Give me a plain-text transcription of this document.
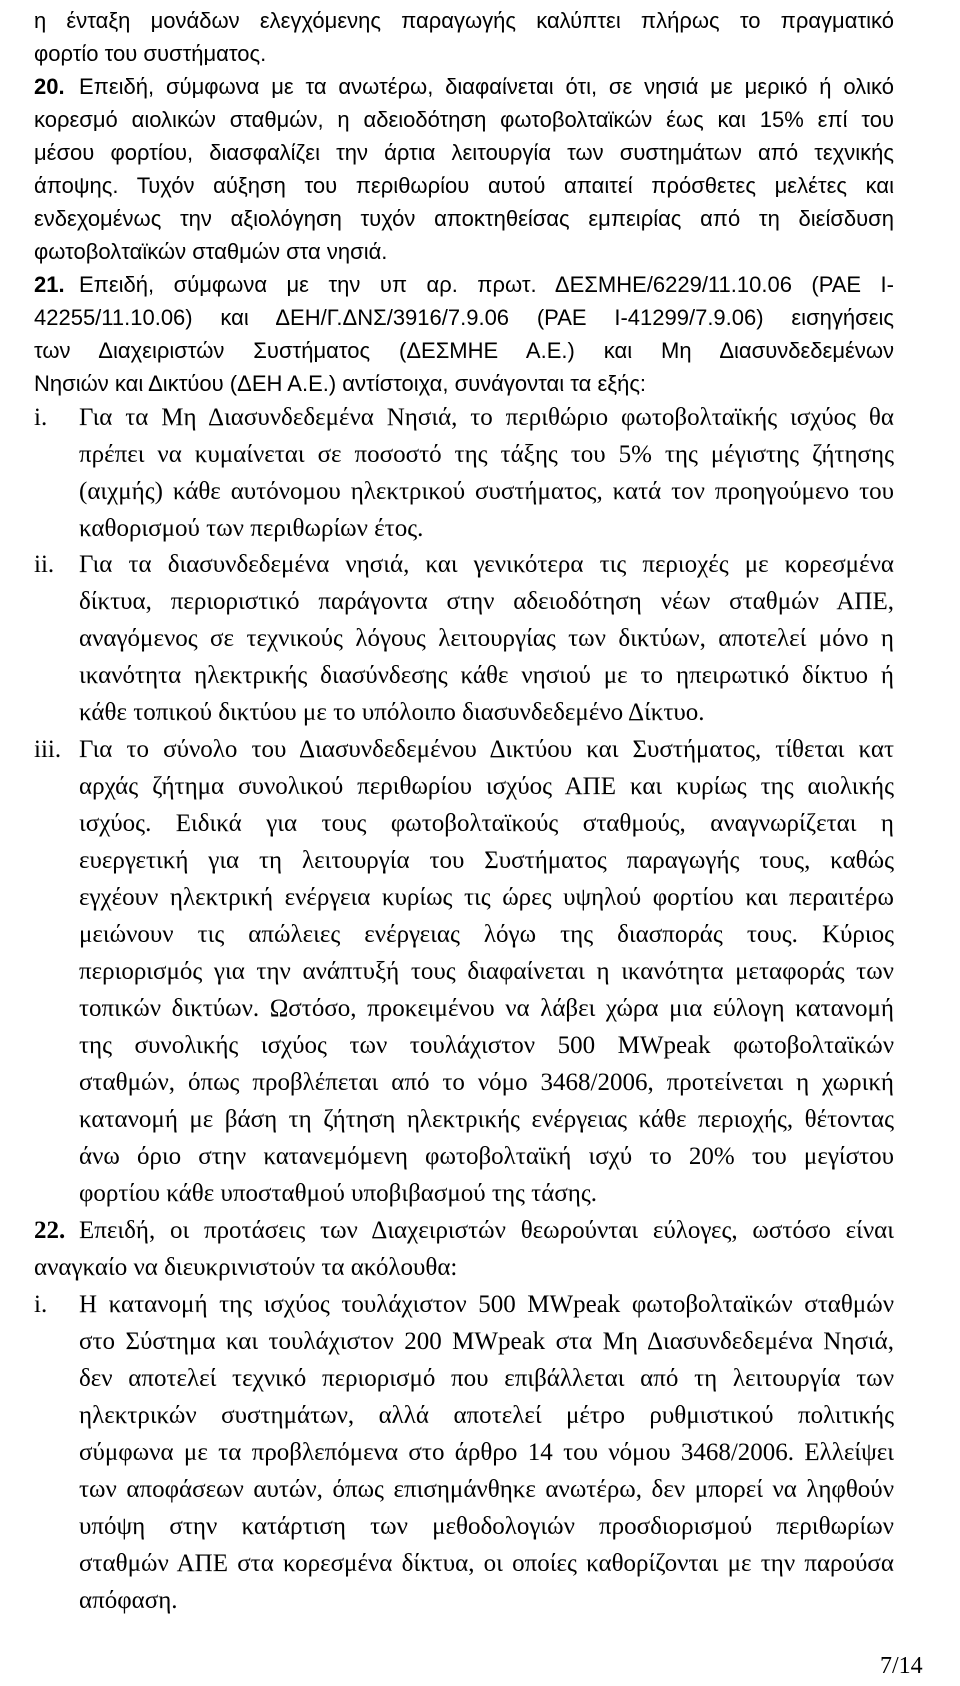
η ένταξη μονάδων ελεγχόμενης παραγωγής καλύπτει πλήρως το πραγματικό
φορτίο του συστήματος.
20. Επειδή, σύμφωνα με τα ανωτέρω, διαφαίνεται ότι, σε νησιά με μερικό ή ολικό
κορεσμό αιολικών σταθμών, η αδειοδότηση φωτοβολταϊκών έως και 15% επί του
μέσου φορτίου, διασφαλίζει την άρτια λειτουργία των συστημάτων από τεχνικής
άποψης. Τυχόν αύξηση του περιθωρίου αυτού απαιτεί πρόσθετες μελέτες και
ενδεχομένως την αξιολόγηση τυχόν αποκτηθείσας εμπειρίας από τη διείσδυση
φωτοβολταϊκών σταθμών στα νησιά.
21. Επειδή, σύμφωνα με την υπ αρ. πρωτ. ΔΕΣΜΗΕ/6229/11.10.06 (ΡΑΕ Ι-
42255/11.10.06) και ΔΕΗ/Γ.ΔΝΣ/3916/7.9.06 (ΡΑΕ Ι-41299/7.9.06) εισηγήσεις
των Διαχειριστών Συστήματος (ΔΕΣΜΗΕ Α.Ε.) και Μη Διασυνδεδεμένων
Νησιών και Δικτύου (ΔΕΗ Α.Ε.) αντίστοιχα, συνάγονται τα εξής:
i. Για τα Μη Διασυνδεδεμένα Νησιά, το περιθώριο φωτοβολταϊκής ισχύος θα
πρέπει να κυμαίνεται σε ποσοστό της τάξης του 5% της μέγιστης ζήτησης
(αιχμής) κάθε αυτόνομου ηλεκτρικού συστήματος, κατά τον προηγούμενο του
καθορισμού των περιθωρίων έτος.
ii. Για τα διασυνδεδεμένα νησιά, και γενικότερα τις περιοχές με κορεσμένα
δίκτυα, περιοριστικό παράγοντα στην αδειοδότηση νέων σταθμών ΑΠΕ,
αναγόμενος σε τεχνικούς λόγους λειτουργίας των δικτύων, αποτελεί μόνο η
ικανότητα ηλεκτρικής διασύνδεσης κάθε νησιού με το ηπειρωτικό δίκτυο ή
κάθε τοπικού δικτύου με το υπόλοιπο διασυνδεδεμένο Δίκτυο.
iii. Για το σύνολο του Διασυνδεδεμένου Δικτύου και Συστήματος, τίθεται κατ
αρχάς ζήτημα συνολικού περιθωρίου ισχύος ΑΠΕ και κυρίως της αιολικής
ισχύος. Ειδικά για τους φωτοβολταϊκούς σταθμούς, αναγνωρίζεται η
ευεργετική για τη λειτουργία του Συστήματος παραγωγής τους, καθώς
εγχέουν ηλεκτρική ενέργεια κυρίως τις ώρες υψηλού φορτίου και περαιτέρω
μειώνουν τις απώλειες ενέργειας λόγω της διασποράς τους. Κύριος
περιορισμός για την ανάπτυξή τους διαφαίνεται η ικανότητα μεταφοράς των
τοπικών δικτύων. Ωστόσο, προκειμένου να λάβει χώρα μια εύλογη κατανομή
της συνολικής ισχύος των τουλάχιστον 500 MWpeak φωτοβολταϊκών
σταθμών, όπως προβλέπεται από το νόμο 3468/2006, προτείνεται η χωρική
κατανομή με βάση τη ζήτηση ηλεκτρικής ενέργειας κάθε περιοχής, θέτοντας
άνω όριο στην κατανεμόμενη φωτοβολταϊκή ισχύ το 20% του μεγίστου
φορτίου κάθε υποσταθμού υποβιβασμού της τάσης.
22. Επειδή, οι προτάσεις των Διαχειριστών θεωρούνται εύλογες, ωστόσο είναι
αναγκαίο να διευκρινιστούν τα ακόλουθα:
i. Η κατανομή της ισχύος τουλάχιστον 500 MWpeak φωτοβολταϊκών σταθμών
στο Σύστημα και τουλάχιστον 200 MWpeak στα Μη Διασυνδεδεμένα Νησιά,
δεν αποτελεί τεχνικό περιορισμό που επιβάλλεται από τη λειτουργία των
ηλεκτρικών συστημάτων, αλλά αποτελεί μέτρο ρυθμιστικού πολιτικής
σύμφωνα με τα προβλεπόμενα στο άρθρο 14 του νόμου 3468/2006. Ελλείψει
των αποφάσεων αυτών, όπως επισημάνθηκε ανωτέρω, δεν μπορεί να ληφθούν
υπόψη στην κατάρτιση των μεθοδολογιών προσδιορισμού περιθωρίων
σταθμών ΑΠΕ στα κορεσμένα δίκτυα, οι οποίες καθορίζονται με την παρούσα
απόφαση.
7/14
